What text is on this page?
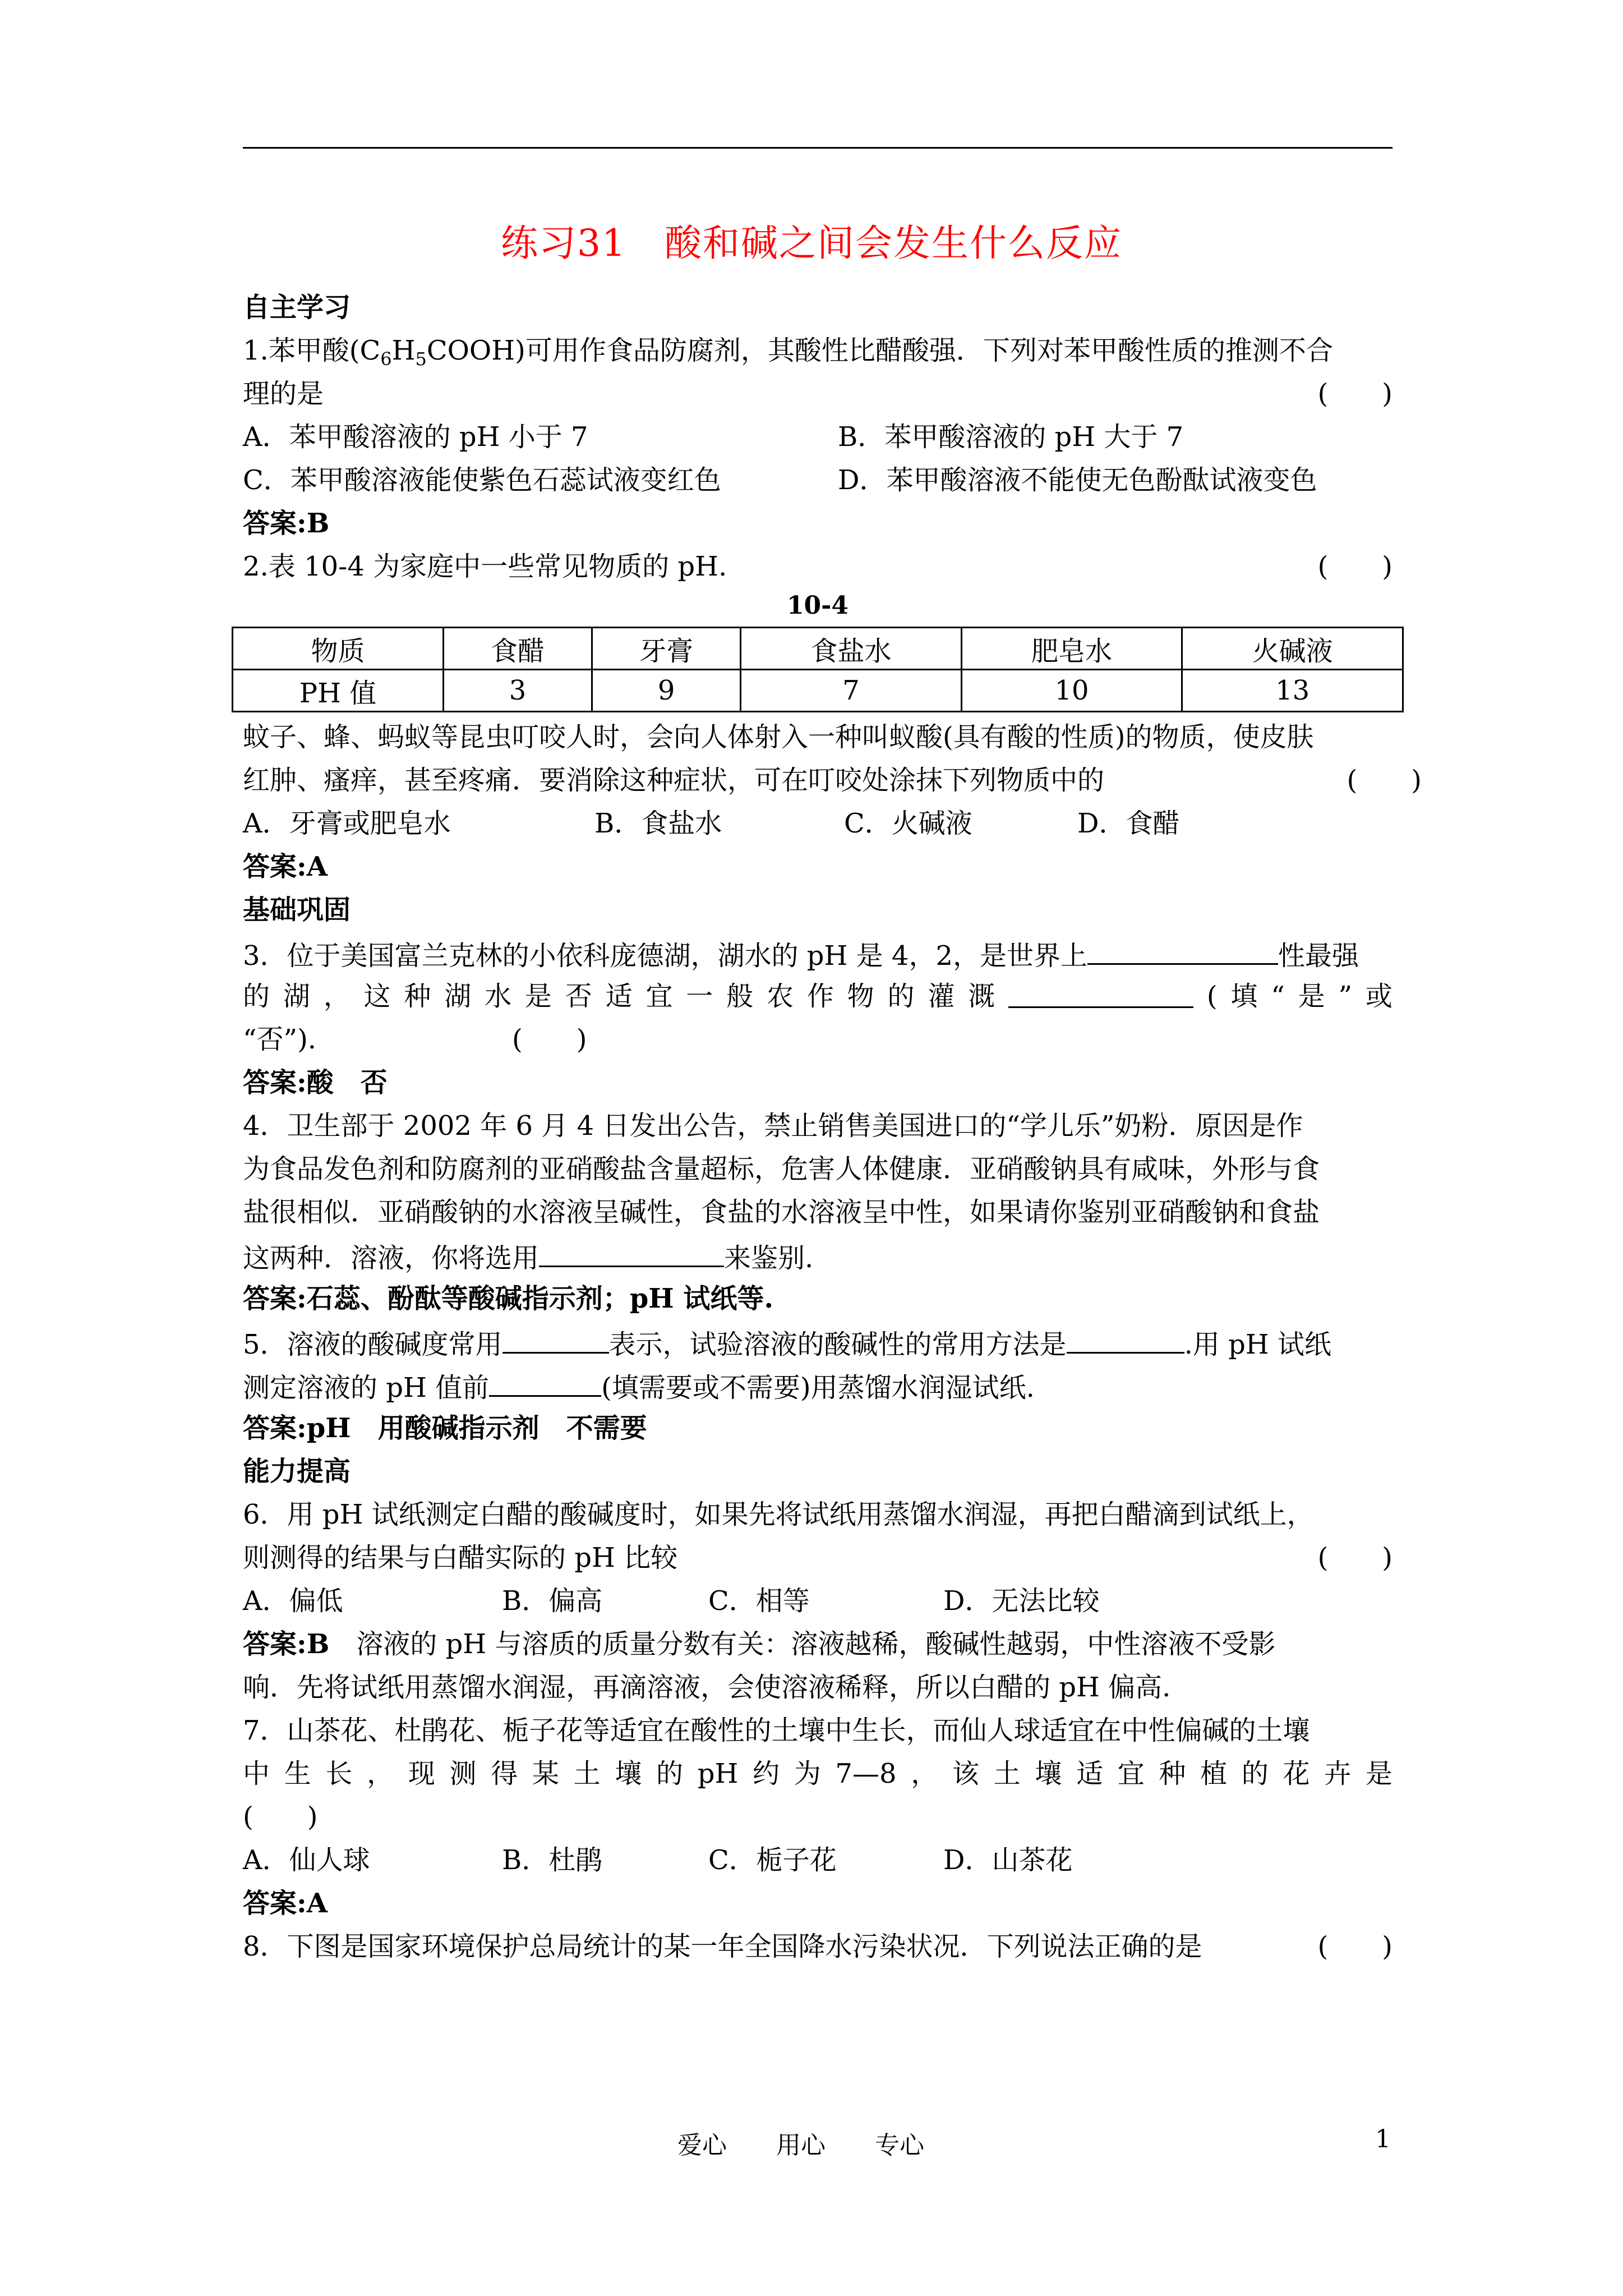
练习31　酸和碱之间会发生什么反应
自主学习
1.苯甲酸$(C_6H_5COOH)$可用作食品防腐剂，其酸性比醋酸强．下列对苯甲酸性质的推测不合
理的是	(　　)
A．苯甲酸溶液的 pH 小于 7	B．苯甲酸溶液的 pH 大于 7
C．苯甲酸溶液能使紫色石蕊试液变红色	D．苯甲酸溶液不能使无色酚酞试液变色
答案:B
2.表 10-4 为家庭中一些常见物质的 pH.	(　　)
10-4
物质	食醋	牙膏	食盐水	肥皂水	火碱液
PH 值	3	9	7	10	13
蚊子、蜂、蚂蚁等昆虫叮咬人时，会向人体射入一种叫蚁酸(具有酸的性质)的物质，使皮肤
红肿、瘙痒，甚至疼痛．要消除这种症状，可在叮咬处涂抹下列物质中的	(　　)
A．牙膏或肥皂水	B．食盐水	C．火碱液	D．食醋
答案:A
基础巩固
3．位于美国富兰克林的小依科庞德湖，湖水的 pH 是 4，2，是世界上	性最强
的 湖 ， 这 种 湖 水 是 否 适 宜 一 般 农 作 物 的 灌 溉	( 填 “ 是 ” 或
“否”).	(　　)
答案:酸　否
4．卫生部于 2002 年 6 月 4 日发出公告，禁止销售美国进口的“学儿乐”奶粉．原因是作
为食品发色剂和防腐剂的亚硝酸盐含量超标，危害人体健康．亚硝酸钠具有咸味，外形与食
盐很相似．亚硝酸钠的水溶液呈碱性，食盐的水溶液呈中性，如果请你鉴别亚硝酸钠和食盐
这两种．溶液，你将选用	来鉴别.
答案:石蕊、酚酞等酸碱指示剂；pH 试纸等.
5．溶液的酸碱度常用	表示，试验溶液的酸碱性的常用方法是	.用 pH 试纸
测定溶液的 pH 值前	(填需要或不需要)用蒸馏水润湿试纸.
答案:pH　用酸碱指示剂　不需要
能力提高
6．用 pH 试纸测定白醋的酸碱度时，如果先将试纸用蒸馏水润湿，再把白醋滴到试纸上，
则测得的结果与白醋实际的 pH 比较	(　　)
A．偏低	B．偏高	C．相等	D．无法比较
答案:B　溶液的 pH 与溶质的质量分数有关：溶液越稀，酸碱性越弱，中性溶液不受影
响．先将试纸用蒸馏水润湿，再滴溶液，会使溶液稀释，所以白醋的 pH 偏高.
7．山茶花、杜鹃花、栀子花等适宜在酸性的土壤中生长，而仙人球适宜在中性偏碱的土壤
中 生 长 ， 现 测 得 某 土 壤 的 pH 约 为 7—8 ， 该 土 壤 适 宜 种 植 的 花 卉 是
(　　)
A．仙人球	B．杜鹃	C．栀子花	D．山茶花
答案:A
8．下图是国家环境保护总局统计的某一年全国降水污染状况．下列说法正确的是	(　　)
爱心　　用心　　专心	1
